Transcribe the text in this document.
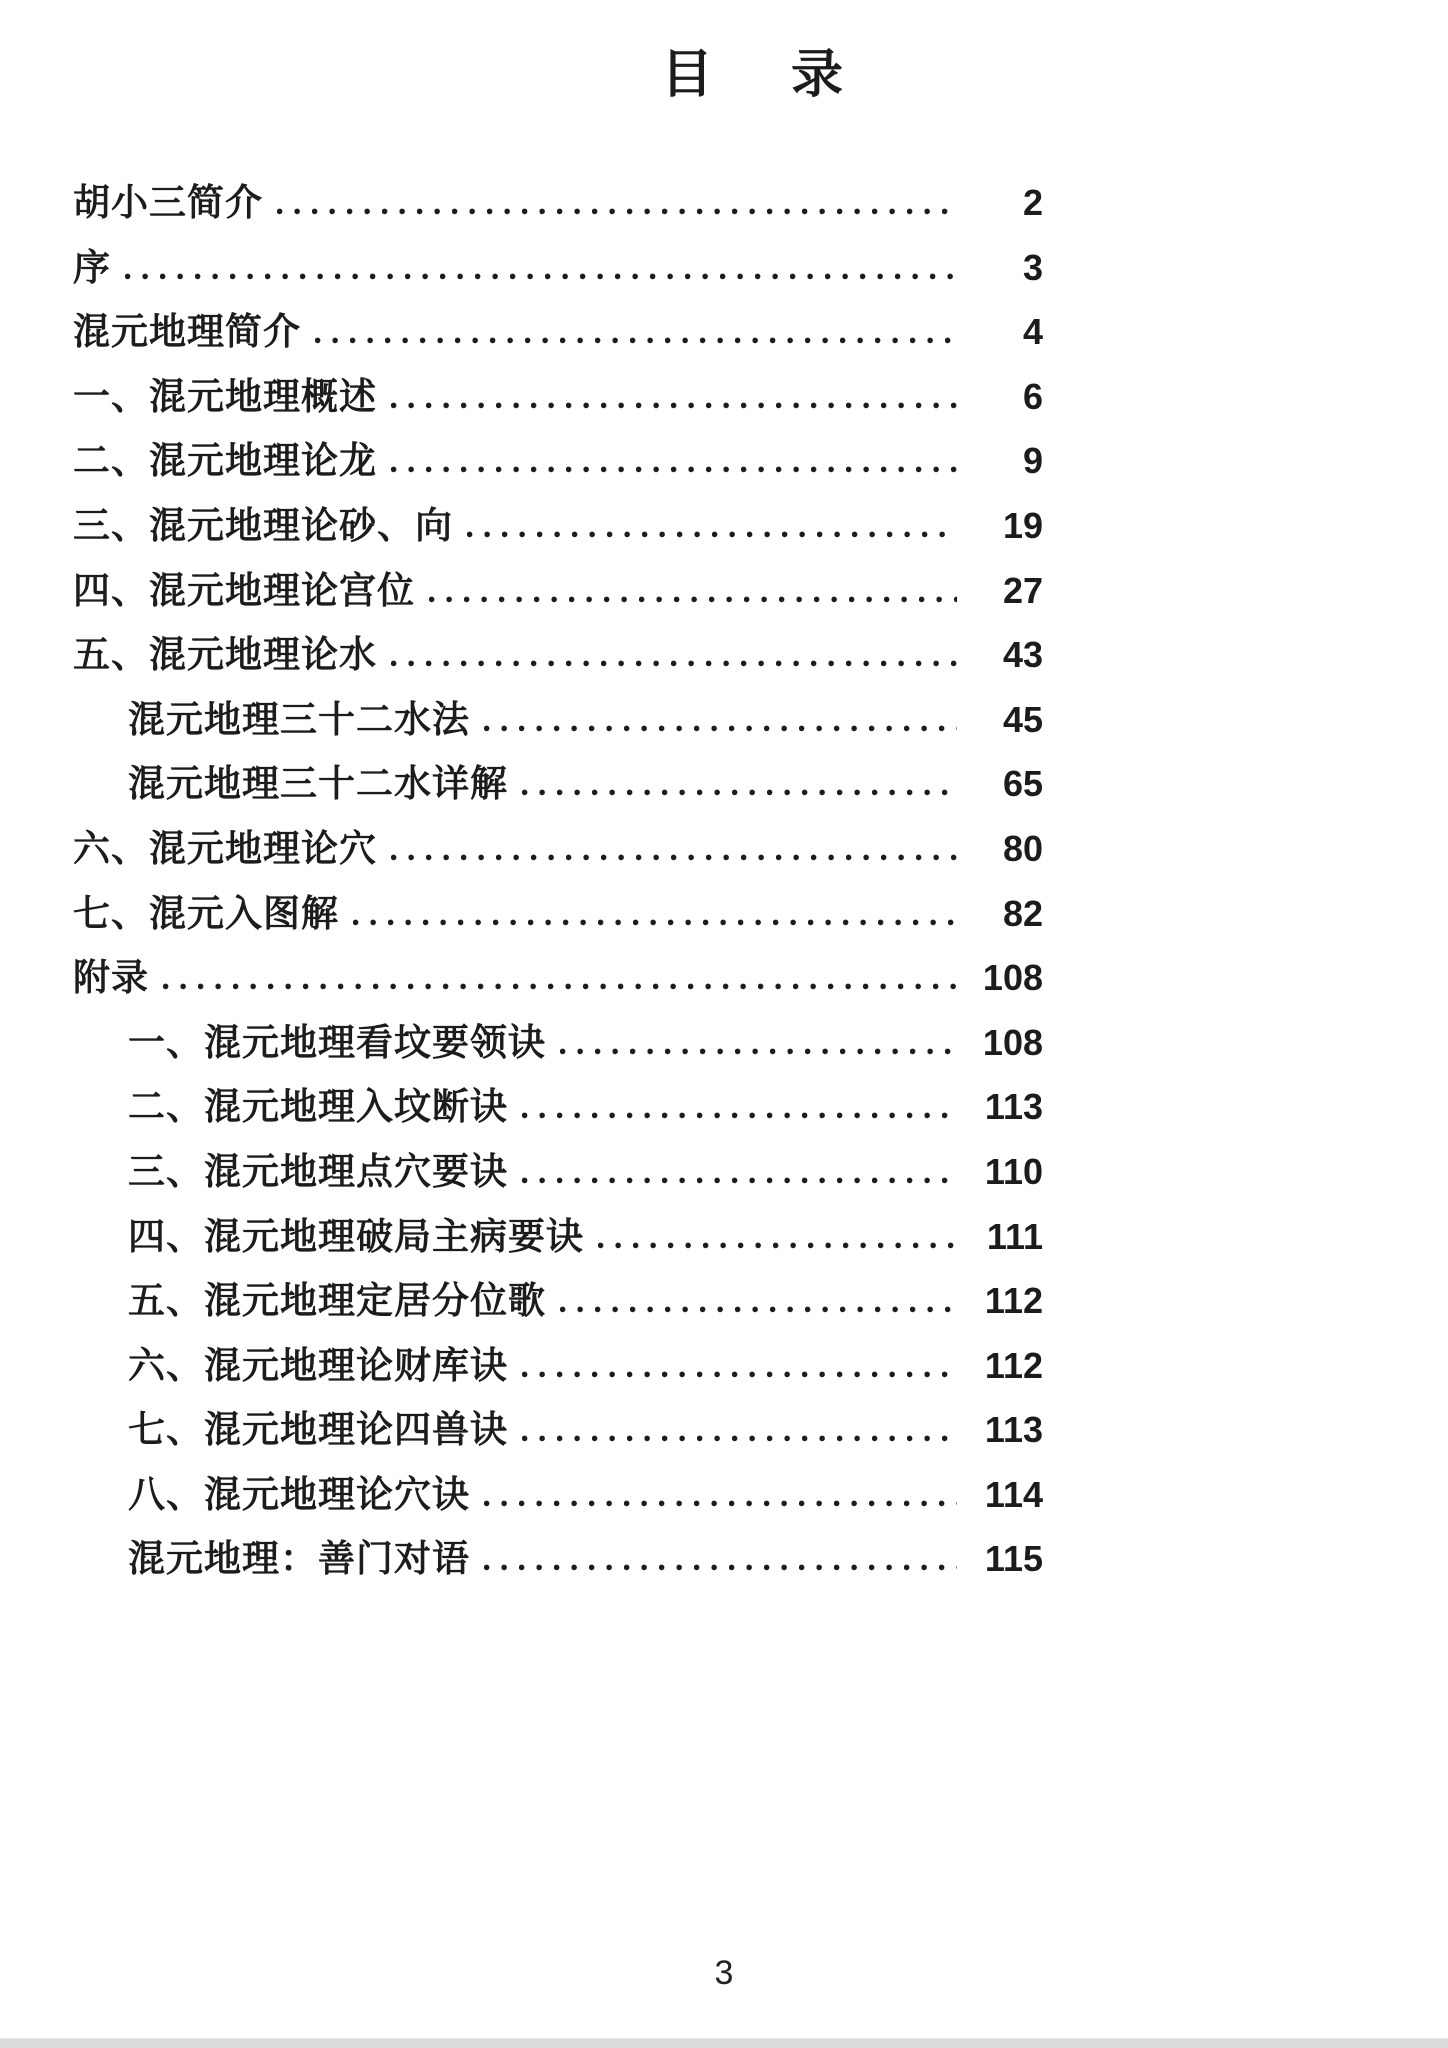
目 录
胡小三简介	2
序	3
混元地理简介	4
一、混元地理概述	6
二、混元地理论龙	9
三、混元地理论砂、向	19
四、混元地理论宫位	27
五、混元地理论水	43
混元地理三十二水法	45
混元地理三十二水详解	65
六、混元地理论穴	80
七、混元入图解	82
附录	108
一、混元地理看坟要领诀	108
二、混元地理入坟断诀	113
三、混元地理点穴要诀	110
四、混元地理破局主病要诀	111
五、混元地理定居分位歌	112
六、混元地理论财库诀	112
七、混元地理论四兽诀	113
八、混元地理论穴诀	114
混元地理：善门对语	115
3
